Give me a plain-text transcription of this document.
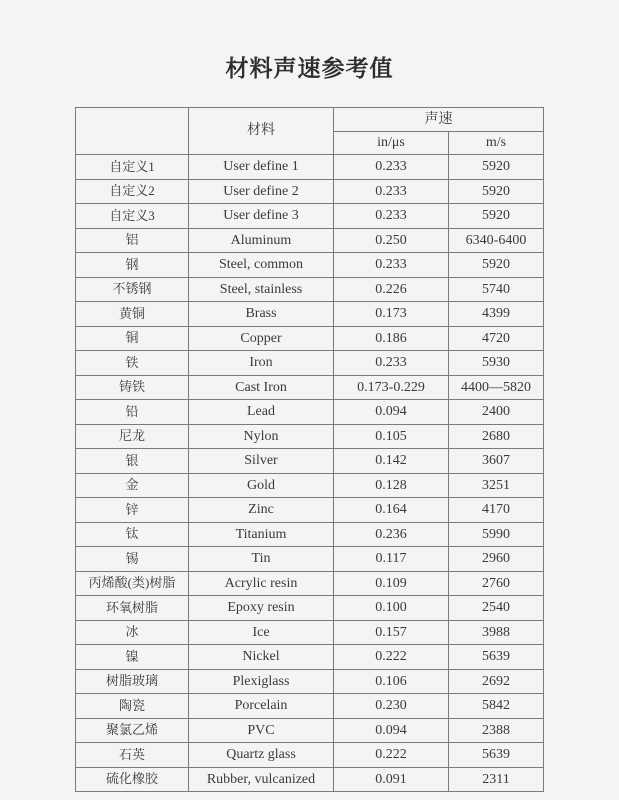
材料声速参考值
	材料	声速	
		in/μs	m/s
自定义1	User define 1	0.233	5920
自定义2	User define 2	0.233	5920
自定义3	User define 3	0.233	5920
铝	Aluminum	0.250	6340-6400
钢	Steel, common	0.233	5920
不锈钢	Steel, stainless	0.226	5740
黄铜	Brass	0.173	4399
铜	Copper	0.186	4720
铁	Iron	0.233	5930
铸铁	Cast Iron	0.173-0.229	4400—5820
铅	Lead	0.094	2400
尼龙	Nylon	0.105	2680
银	Silver	0.142	3607
金	Gold	0.128	3251
锌	Zinc	0.164	4170
钛	Titanium	0.236	5990
锡	Tin	0.117	2960
丙烯酸(类)树脂	Acrylic resin	0.109	2760
环氧树脂	Epoxy resin	0.100	2540
冰	Ice	0.157	3988
镍	Nickel	0.222	5639
树脂玻璃	Plexiglass	0.106	2692
陶瓷	Porcelain	0.230	5842
聚氯乙烯	PVC	0.094	2388
石英	Quartz glass	0.222	5639
硫化橡胶	Rubber, vulcanized	0.091	2311
